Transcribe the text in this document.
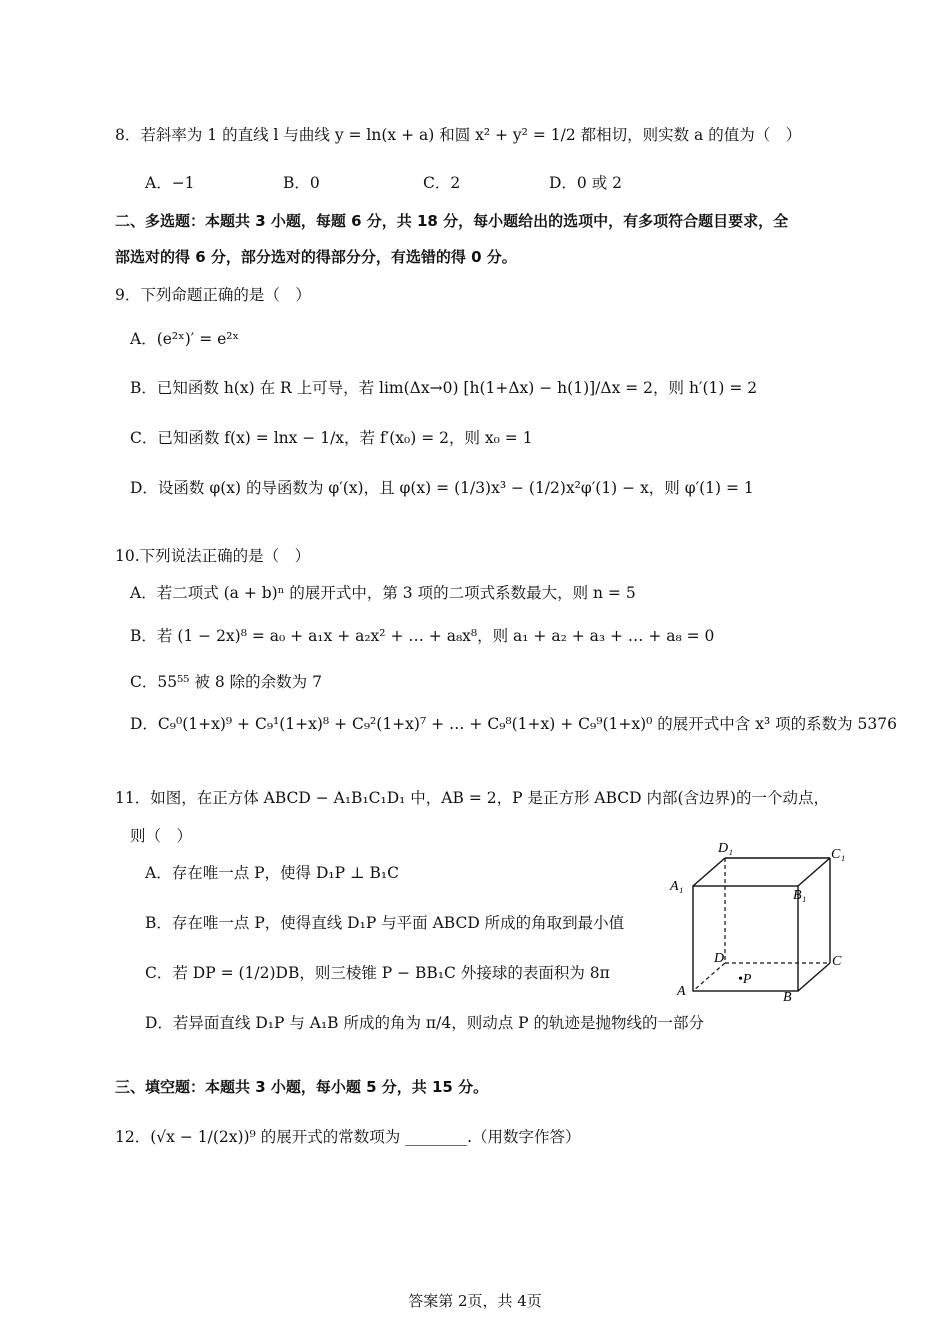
8．若斜率为 1 的直线 l 与曲线 y = ln(x + a) 和圆 x² + y² = 1/2 都相切，则实数 a 的值为（　）
A．−1	B．0	C．2	D．0 或 2
二、多选题：本题共 3 小题，每题 6 分，共 18 分，每小题给出的选项中，有多项符合题目要求，全
部选对的得 6 分，部分选对的得部分分，有选错的得 0 分。
9．下列命题正确的是（　）
A．(e²ˣ)′ = e²ˣ
B．已知函数 h(x) 在 R 上可导，若 lim(Δx→0) [h(1+Δx) − h(1)]/Δx = 2，则 h′(1) = 2
C．已知函数 f(x) = lnx − 1/x，若 f′(x₀) = 2，则 x₀ = 1
D．设函数 φ(x) 的导函数为 φ′(x)，且 φ(x) = (1/3)x³ − (1/2)x²φ′(1) − x，则 φ′(1) = 1
10.下列说法正确的是（　）
A．若二项式 (a + b)ⁿ 的展开式中，第 3 项的二项式系数最大，则 n = 5
B．若 (1 − 2x)⁸ = a₀ + a₁x + a₂x² + … + a₈x⁸，则 a₁ + a₂ + a₃ + … + a₈ = 0
C．55⁵⁵ 被 8 除的余数为 7
D．C₉⁰(1+x)⁹ + C₉¹(1+x)⁸ + C₉²(1+x)⁷ + … + C₉⁸(1+x) + C₉⁹(1+x)⁰ 的展开式中含 x³ 项的系数为 5376
11．如图，在正方体 ABCD − A₁B₁C₁D₁ 中，AB = 2，P 是正方形 ABCD 内部(含边界)的一个动点，
则（　）
A．存在唯一点 P，使得 D₁P ⊥ B₁C
B．存在唯一点 P，使得直线 D₁P 与平面 ABCD 所成的角取到最小值
C．若 DP = (1/2)DB，则三棱锥 P − BB₁C 外接球的表面积为 8π
D．若异面直线 D₁P 与 A₁B 所成的角为 π/4，则动点 P 的轨迹是抛物线的一部分
D₁	C₁
A₁
B₁
D	C
A	B
•P
三、填空题：本题共 3 小题，每小题 5 分，共 15 分。
12．(√x − 1/(2x))⁹ 的展开式的常数项为 ________.（用数字作答）
答案第 2页，共 4页
